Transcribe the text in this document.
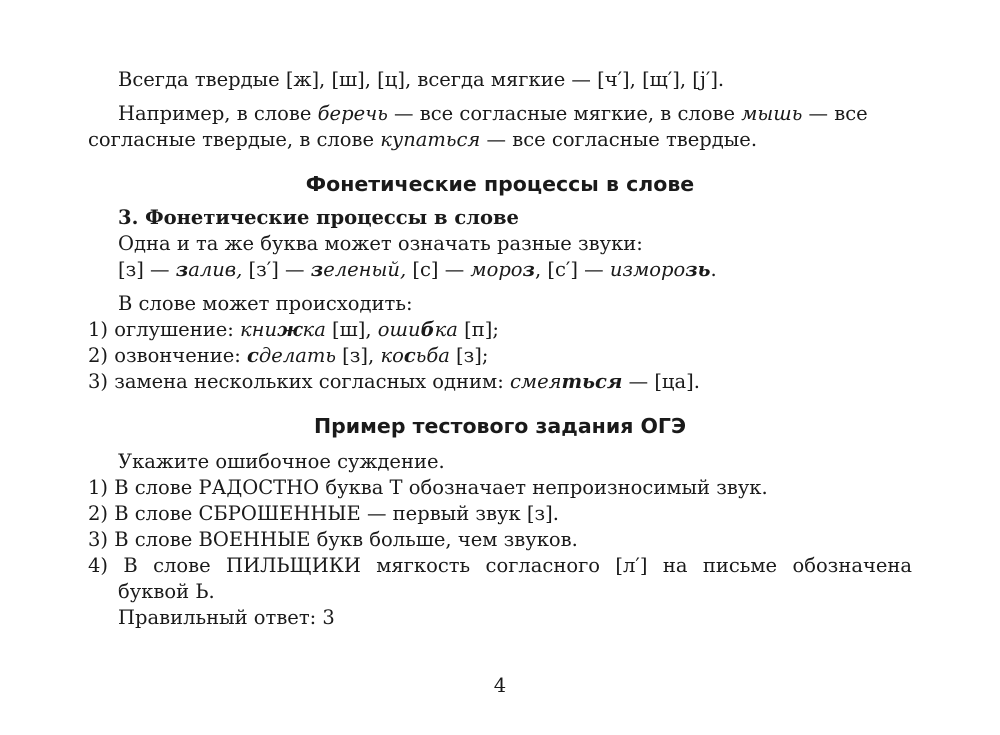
Всегда твердые [ж], [ш], [ц], всегда мягкие — [ч′], [щ′], [j′].
Например, в слове беречь — все согласные мягкие, в слове мышь — все
согласные твердые, в слове купаться — все согласные твердые.
Фонетические процессы в слове
3. Фонетические процессы в слове
Одна и та же буква может означать разные звуки:
[з] — залив, [з′] — зеленый, [с] — мороз, [с′] — изморозь.
В слове может происходить:
1) оглушение: книжка [ш], ошибка [п];
2) озвончение: сделать [з], косьба [з];
3) замена нескольких согласных одним: смеяться — [ца].
Пример тестового задания ОГЭ
Укажите ошибочное суждение.
1) В слове РАДОСТНО буква Т обозначает непроизносимый звук.
2) В слове СБРОШЕННЫЕ — первый звук [з].
3) В слове ВОЕННЫЕ букв больше, чем звуков.
4) В слове ПИЛЬЩИКИ мягкость согласного [л′] на письме обозначена
буквой Ь.
Правильный ответ: 3
4
